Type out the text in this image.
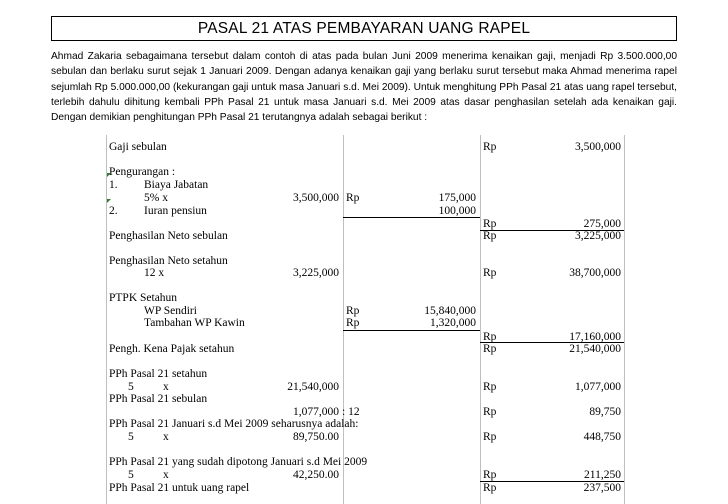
PASAL 21 ATAS PEMBAYARAN UANG RAPEL

Ahmad Zakaria sebagaimana tersebut dalam contoh di atas pada bulan Juni 2009 menerima kenaikan gaji, menjadi Rp 3.500.000,00 sebulan dan berlaku surut sejak 1 Januari 2009. Dengan adanya kenaikan gaji yang berlaku surut tersebut maka Ahmad menerima rapel sejumlah Rp 5.000.000,00 (kekurangan gaji untuk masa Januari s.d. Mei 2009). Untuk menghitung PPh Pasal 21 atas uang rapel tersebut, terlebih dahulu dihitung kembali PPh Pasal 21 untuk masa Januari s.d. Mei 2009 atas dasar penghasilan setelah ada kenaikan gaji. Dengan demikian penghitungan PPh Pasal 21 terutangnya adalah sebagai berikut :

Gaji sebulan	Rp	3,500,000
Pengurangan :
1. Biaya Jabatan
5% x	3,500,000 Rp	175,000
2. Iuran pensiun	100,000
Rp	275,000
Penghasilan Neto sebulan	Rp	3,225,000
Penghasilan Neto setahun
12 x	3,225,000	Rp	38,700,000
PTPK Setahun
WP Sendiri	Rp	15,840,000
Tambahan WP Kawin	Rp	1,320,000
Rp	17,160,000
Pengh. Kena Pajak setahun	Rp	21,540,000
PPh Pasal 21 setahun
5	x	21,540,000	Rp	1,077,000
PPh Pasal 21 sebulan
1,077,000 : 12	Rp	89,750
PPh Pasal 21 Januari s.d Mei 2009 seharusnya adalah:
5	x	89,750.00	Rp	448,750
PPh Pasal 21 yang sudah dipotong Januari s.d Mei 2009
5	x	42,250.00	Rp	211,250
PPh Pasal 21 untuk uang rapel	Rp	237,500
